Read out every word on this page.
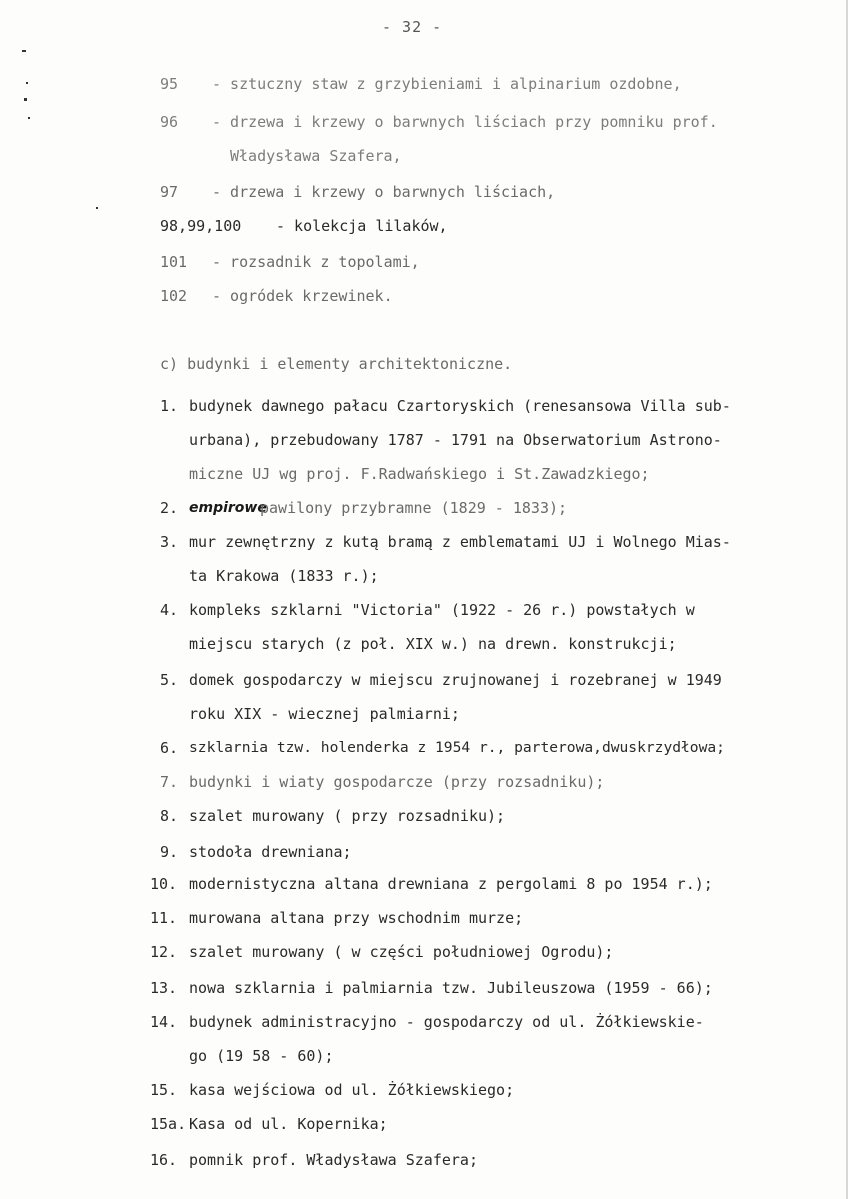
- 32 -
95 - sztuczny staw z grzybieniami i alpinarium ozdobne,
96 - drzewa i krzewy o barwnych liściach przy pomniku prof.
Władysława Szafera,
97 - drzewa i krzewy o barwnych liściach,
98,99,100 - kolekcja lilaków,
101 - rozsadnik z topolami,
102 - ogródek krzewinek.
c) budynki i elementy architektoniczne.
1. budynek dawnego pałacu Czartoryskich (renesansowa Villa sub-
urbana), przebudowany 1787 - 1791 na Obserwatorium Astrono-
miczne UJ wg proj. F.Radwańskiego i St.Zawadzkiego;
2. empirowe
pawilony przybramne (1829 - 1833);
3. mur zewnętrzny z kutą bramą z emblematami UJ i Wolnego Mias-
ta Krakowa (1833 r.);
4. kompleks szklarni "Victoria" (1922 - 26 r.) powstałych w
miejscu starych (z poł. XIX w.) na drewn. konstrukcji;
5. domek gospodarczy w miejscu zrujnowanej i rozebranej w 1949
roku XIX - wiecznej palmiarni;
6. szklarnia tzw. holenderka z 1954 r., parterowa,dwuskrzydłowa;
7. budynki i wiaty gospodarcze (przy rozsadniku);
8. szalet murowany ( przy rozsadniku);
9. stodoła drewniana;
10. modernistyczna altana drewniana z pergolami 8 po 1954 r.);
11. murowana altana przy wschodnim murze;
12. szalet murowany ( w części południowej Ogrodu);
13. nowa szklarnia i palmiarnia tzw. Jubileuszowa (1959 - 66);
14. budynek administracyjno - gospodarczy od ul. Żółkiewskie-
go (19 58 - 60);
15. kasa wejściowa od ul. Żółkiewskiego;
15a. Kasa od ul. Kopernika;
16. pomnik prof. Władysława Szafera;
